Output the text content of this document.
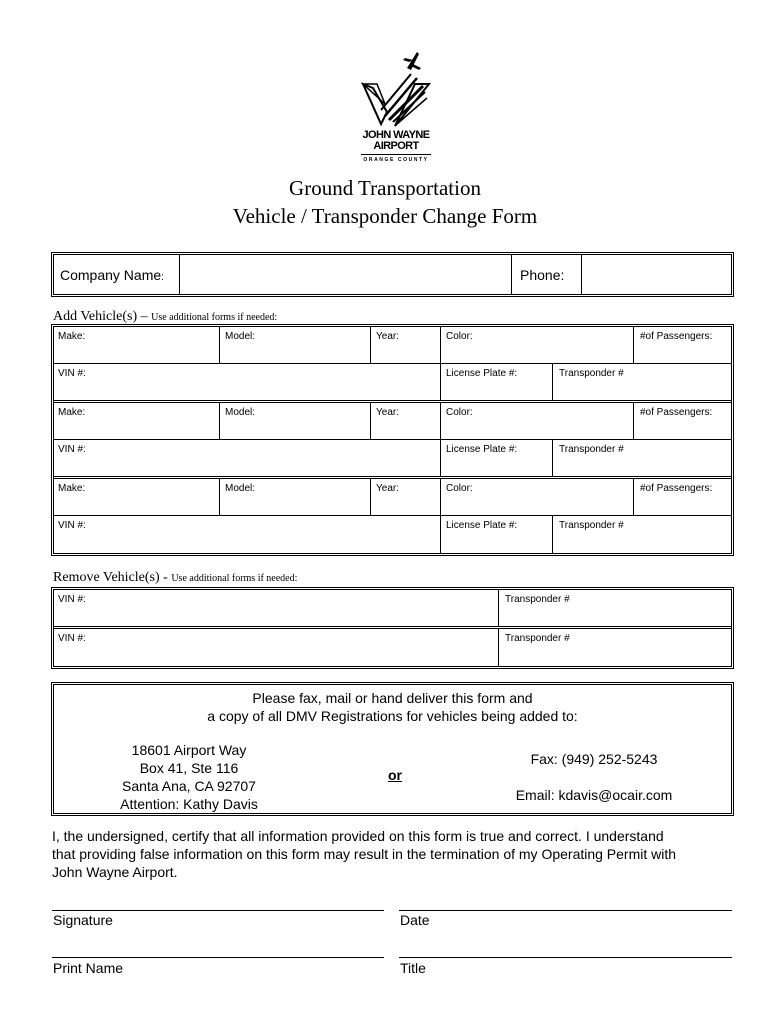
JOHN WAYNE
AIRPORT
ORANGE COUNTY
Ground Transportation
Vehicle / Transponder Change Form
Company Name:	Phone:
Add Vehicle(s) – Use additional forms if needed:
Make:	Model:	Year:	Color:	#of Passengers:
VIN #:	License Plate #:	Transponder #
Make:	Model:	Year:	Color:	#of Passengers:
VIN #:	License Plate #:	Transponder #
Make:	Model:	Year:	Color:	#of Passengers:
VIN #:	License Plate #:	Transponder #
Remove Vehicle(s) - Use additional forms if needed:
VIN #:	Transponder #
VIN #:	Transponder #
Please fax, mail or hand deliver this form and
a copy of all DMV Registrations for vehicles being added to:
18601 Airport Way
Box 41, Ste 116
Santa Ana, CA 92707
Attention: Kathy Davis
or
Fax: (949) 252-5243
Email: kdavis@ocair.com
I, the undersigned, certify that all information provided on this form is true and correct. I understand
that providing false information on this form may result in the termination of my Operating Permit with
John Wayne Airport.
Signature	Date
Print Name	Title
